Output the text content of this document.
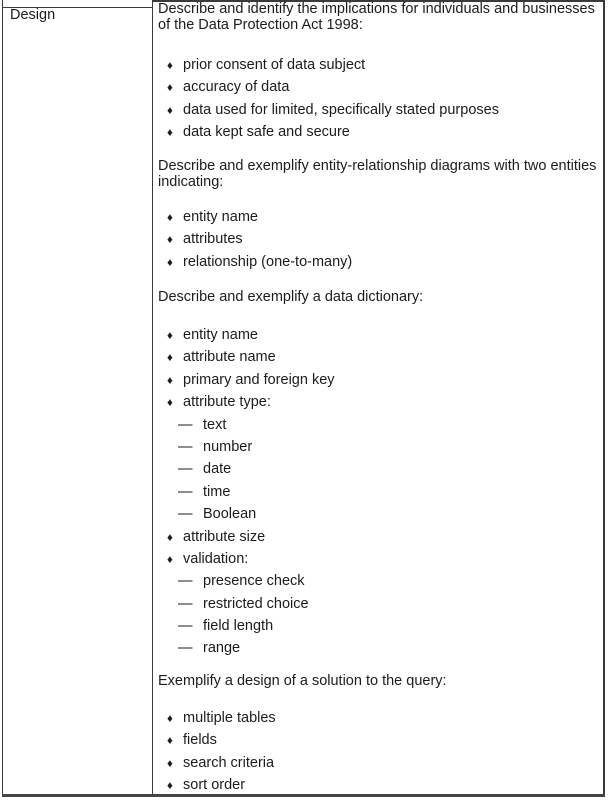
Design	Describe and identify the implications for individuals and businesses
of the Data Protection Act 1998:
♦ prior consent of data subject
♦ accuracy of data
♦ data used for limited, specifically stated purposes
♦ data kept safe and secure
Describe and exemplify entity-relationship diagrams with two entities
indicating:
♦ entity name
♦ attributes
♦ relationship (one-to-many)
Describe and exemplify a data dictionary:
♦ entity name
♦ attribute name
♦ primary and foreign key
♦ attribute type:
— text
— number
— date
— time
— Boolean
♦ attribute size
♦ validation:
— presence check
— restricted choice
— field length
— range
Exemplify a design of a solution to the query:
♦ multiple tables
♦ fields
♦ search criteria
♦ sort order
